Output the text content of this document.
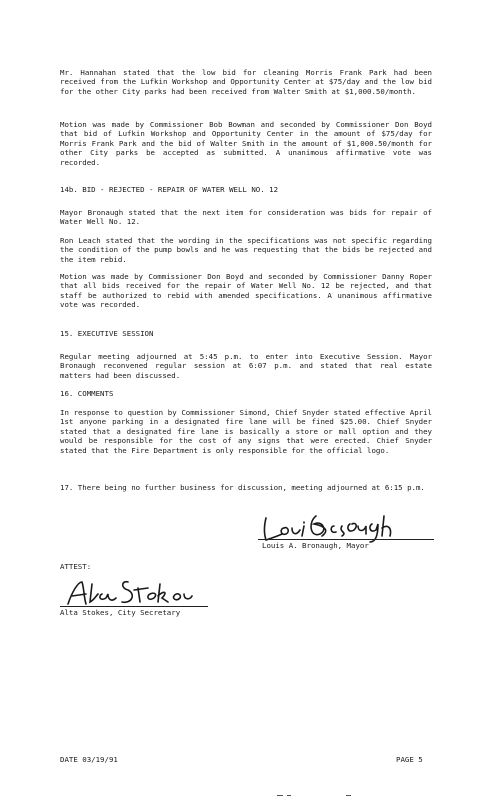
Mr. Hannahan stated that the low bid for cleaning Morris Frank Park had been received from the Lufkin Workshop and Opportunity Center at $75/day and the low bid for the other City parks had been received from Walter Smith at $1,000.50/month.

Motion was made by Commissioner Bob Bowman and seconded by Commissioner Don Boyd that bid of Lufkin Workshop and Opportunity Center in the amount of $75/day for Morris Frank Park and the bid of Walter Smith in the amount of $1,000.50/month for other City parks be accepted as submitted. A unanimous affirmative vote was recorded.

14b. BID - REJECTED - REPAIR OF WATER WELL NO. 12

Mayor Bronaugh stated that the next item for consideration was bids for repair of Water Well No. 12.

Ron Leach stated that the wording in the specifications was not specific regarding the condition of the pump bowls and he was requesting that the bids be rejected and the item rebid.

Motion was made by Commissioner Don Boyd and seconded by Commissioner Danny Roper that all bids received for the repair of Water Well No. 12 be rejected, and that staff be authorized to rebid with amended specifications. A unanimous affirmative vote was recorded.

15. EXECUTIVE SESSION

Regular meeting adjourned at 5:45 p.m. to enter into Executive Session. Mayor Bronaugh reconvened regular session at 6:07 p.m. and stated that real estate matters had been discussed.

16. COMMENTS

In response to question by Commissioner Simond, Chief Snyder stated effective April 1st anyone parking in a designated fire lane will be fined $25.00. Chief Snyder stated that a designated fire lane is basically a store or mall option and they would be responsible for the cost of any signs that were erected. Chief Snyder stated that the Fire Department is only responsible for the official logo.

17. There being no further business for discussion, meeting adjourned at 6:15 p.m.

Louis A. Bronaugh, Mayor

ATTEST:

Alta Stokes, City Secretary

DATE 03/19/91	PAGE 5
